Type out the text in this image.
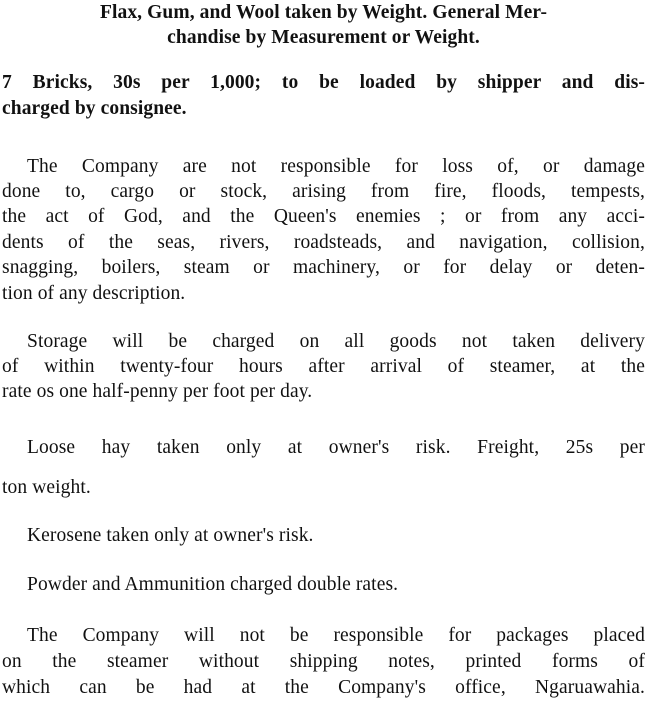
Flax, Gum, and Wool taken by Weight. General Mer-
chandise by Measurement or Weight.
7 Bricks, 30s per 1,000; to be loaded by shipper and dis-
charged by consignee.
The Company are not responsible for loss of, or damage
done to, cargo or stock, arising from fire, floods, tempests,
the act of God, and the Queen's enemies ; or from any acci-
dents of the seas, rivers, roadsteads, and navigation, collision,
snagging, boilers, steam or machinery, or for delay or deten-
tion of any description.
Storage will be charged on all goods not taken delivery
of within twenty-four hours after arrival of steamer, at the
rate os one half-penny per foot per day.
Loose hay taken only at owner's risk. Freight, 25s per
ton weight.
Kerosene taken only at owner's risk.
Powder and Ammunition charged double rates.
The Company will not be responsible for packages placed
on the steamer without shipping notes, printed forms of
which can be had at the Company's office, Ngaruawahia.
